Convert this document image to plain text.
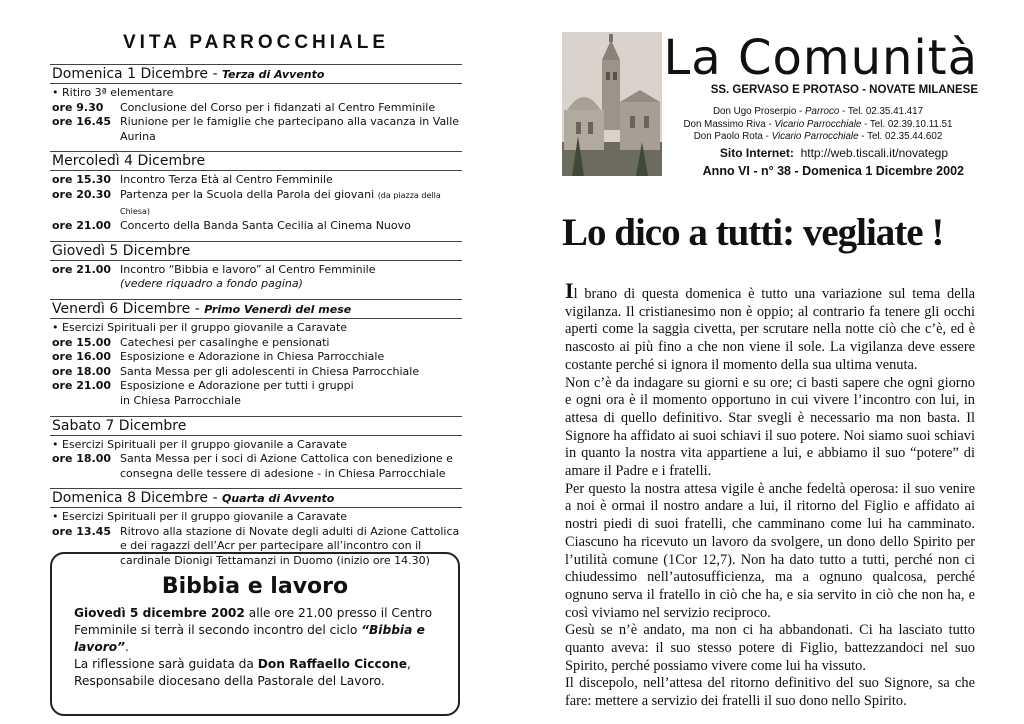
VITA PARROCCHIALE
Domenica 1 Dicembre - Terza di Avvento
• Ritiro 3ª elementare
ore 9.30	Conclusione del Corso per i fidanzati al Centro Femminile
ore 16.45 Riunione per le famiglie che partecipano alla vacanza in Valle Aurina
Mercoledì 4 Dicembre
ore 15.30 Incontro Terza Età al Centro Femminile
ore 20.30 Partenza per la Scuola della Parola dei giovani (da piazza della Chiesa)
ore 21.00 Concerto della Banda Santa Cecilia al Cinema Nuovo
Giovedì 5 Dicembre
ore 21.00 Incontro “Bibbia e lavoro” al Centro Femminile
(vedere riquadro a fondo pagina)
Venerdì 6 Dicembre - Primo Venerdì del mese
• Esercizi Spirituali per il gruppo giovanile a Caravate
ore 15.00 Catechesi per casalinghe e pensionati
ore 16.00 Esposizione e Adorazione in Chiesa Parrocchiale
ore 18.00 Santa Messa per gli adolescenti in Chiesa Parrocchiale
ore 21.00 Esposizione e Adorazione per tutti i gruppi
in Chiesa Parrocchiale
Sabato 7 Dicembre
• Esercizi Spirituali per il gruppo giovanile a Caravate
ore 18.00 Santa Messa per i soci di Azione Cattolica con benedizione e consegna delle tessere di adesione - in Chiesa Parrocchiale
Domenica 8 Dicembre - Quarta di Avvento
• Esercizi Spirituali per il gruppo giovanile a Caravate
ore 13.45 Ritrovo alla stazione di Novate degli adulti di Azione Cattolica e dei ragazzi dell’Acr per partecipare all’incontro con il cardinale Dionigi Tettamanzi in Duomo (inizio ore 14.30)
Bibbia e lavoro
Giovedì 5 dicembre 2002 alle ore 21.00 presso il Centro Femminile si terrà il secondo incontro del ciclo “Bibbia e lavoro”.
La riflessione sarà guidata da Don Raffaello Ciccone, Responsabile diocesano della Pastorale del Lavoro.
La Comunità
SS. GERVASO E PROTASO - NOVATE MILANESE
Don Ugo Proserpio - Parroco - Tel. 02.35.41.417
Don Massimo Riva - Vicario Parrocchiale - Tel. 02.39.10.11.51
Don Paolo Rota - Vicario Parrocchiale - Tel. 02.35.44.602
Sito Internet: http://web.tiscali.it/novategp
Anno VI - n° 38 - Domenica 1 Dicembre 2002
Lo dico a tutti: vegliate !

Il brano di questa domenica è tutto una variazione sul tema della vigilanza. Il cristianesimo non è oppio; al contrario fa tenere gli occhi aperti come la saggia civetta, per scrutare nella notte ciò che c’è, ed è nascosto ai più fino a che non viene il sole. La vigilanza deve essere costante perché si ignora il momento della sua ultima venuta.

Non c’è da indagare su giorni e su ore; ci basti sapere che ogni giorno e ogni ora è il momento opportuno in cui vivere l’incontro con lui, in attesa di quello definitivo. Star svegli è necessario ma non basta. Il Signore ha affidato ai suoi schiavi il suo potere. Noi siamo suoi schiavi in quanto la nostra vita appartiene a lui, e abbiamo il suo “potere” di amare il Padre e i fratelli.

Per questo la nostra attesa vigile è anche fedeltà operosa: il suo venire a noi è ormai il nostro andare a lui, il ritorno del Figlio e affidato ai nostri piedi di suoi fratelli, che camminano come lui ha camminato. Ciascuno ha ricevuto un lavoro da svolgere, un dono dello Spirito per l’utilità comune (1Cor 12,7). Non ha dato tutto a tutti, perché non ci chiudessimo nell’autosufficienza, ma a ognuno qualcosa, perché ognuno serva il fratello in ciò che ha, e sia servito in ciò che non ha, e così viviamo nel servizio reciproco.

Gesù se n’è andato, ma non ci ha abbandonati. Ci ha lasciato tutto quanto aveva: il suo stesso potere di Figlio, battezzandoci nel suo Spirito, perché possiamo vivere come lui ha vissuto.

Il discepolo, nell’attesa del ritorno definitivo del suo Signore, sa che fare: mettere a servizio dei fratelli il suo dono nello Spirito.
